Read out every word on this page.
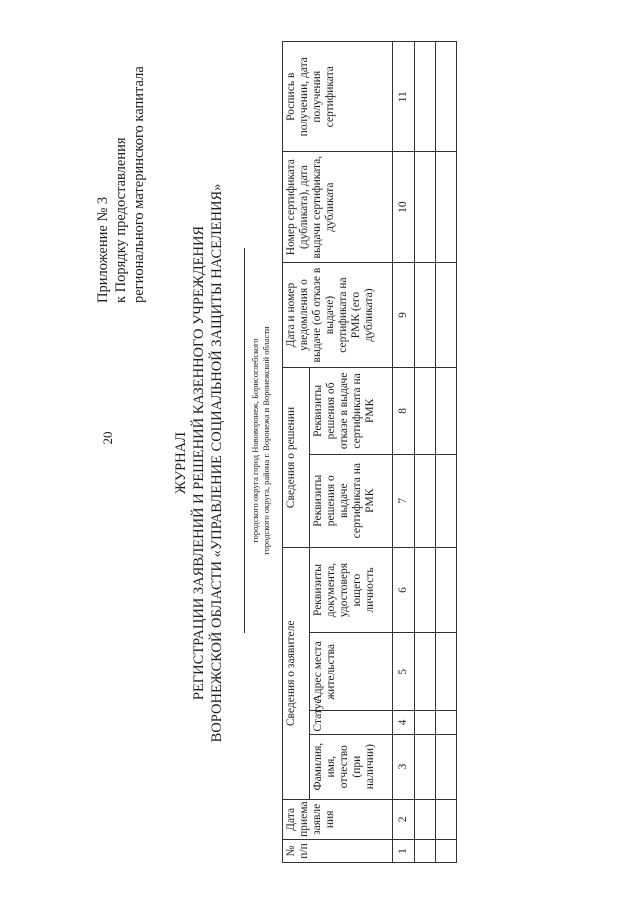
20
Приложение № 3 к Порядку предоставления регионального материнского капитала
ЖУРНАЛ РЕГИСТРАЦИИ ЗАЯВЛЕНИЙ И РЕШЕНИЙ КАЗЕННОГО УЧРЕЖДЕНИЯ ВОРОНЕЖСКОЙ ОБЛАСТИ «УПРАВЛЕНИЕ СОЦИАЛЬНОЙ ЗАЩИТЫ НАСЕЛЕНИЯ»	городского округа город Нововоронеж, Борисоглебского городского округа, района г. Воронежа и Воронежской области
№ п/п	Дата приема заявле ния	Сведения о заявителе				Сведения о решении		Дата и номер уведомления о выдаче (об отказе в выдаче) сертификата на РМК (его дубликата)	Номер сертификата (дубликата), дата выдачи сертификата, дубликата	Роспись в получении, дата получения сертификата
		Фамилия, имя, отчество (при наличии)	Статус	Адрес места жительства	Реквизиты документа, удостоверя ющего личность	Реквизиты решения о выдаче сертификата на РМК	Реквизиты решения об отказе в выдаче сертификата на РМК			
1	2	3	4	5	6	7	8	9	10	11
